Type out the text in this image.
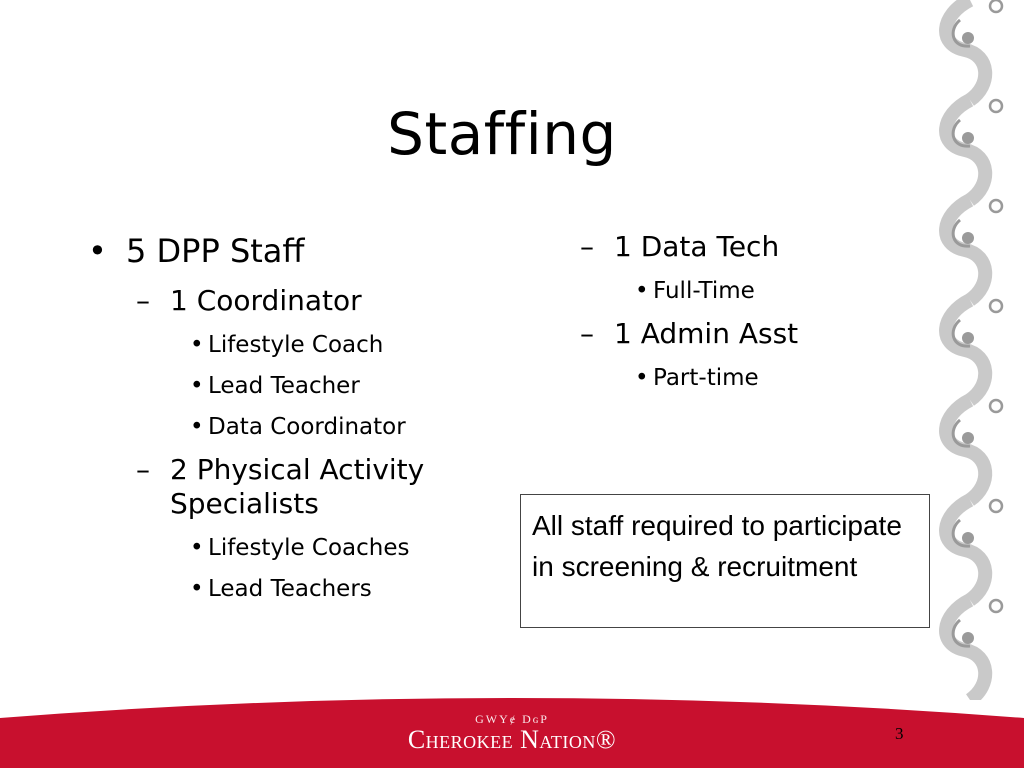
Staffing
• 5 DPP Staff
– 1 Coordinator
• Lifestyle Coach
• Lead Teacher
• Data Coordinator
– 2 Physical Activity Specialists
• Lifestyle Coaches
• Lead Teachers
– 1 Data Tech
• Full-Time
– 1 Admin Asst
• Part-time
All staff required to participate in screening & recruitment
GWYɇ DɢP
Cherokee Nation®	3
